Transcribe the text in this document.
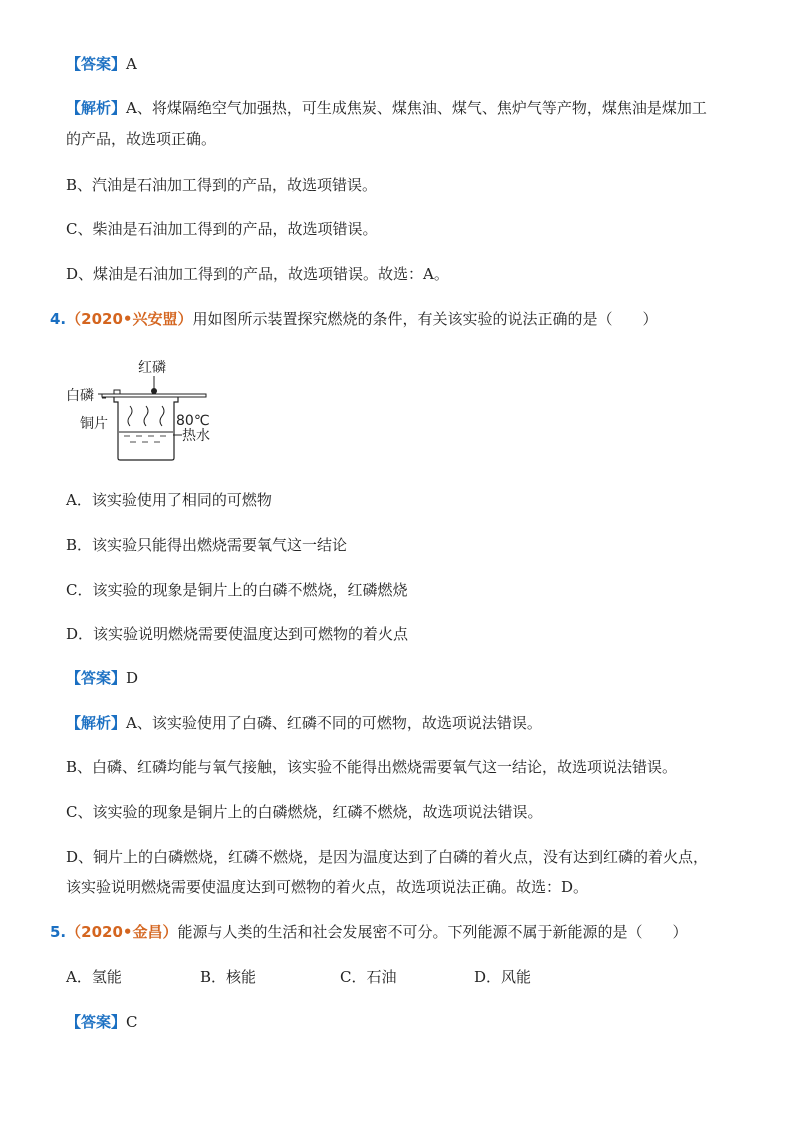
【答案】A
【解析】A、将煤隔绝空气加强热，可生成焦炭、煤焦油、煤气、焦炉气等产物，煤焦油是煤加工
的产品，故选项正确。
B、汽油是石油加工得到的产品，故选项错误。
C、柴油是石油加工得到的产品，故选项错误。
D、煤油是石油加工得到的产品，故选项错误。故选：A。
4.（2020•兴安盟）用如图所示装置探究燃烧的条件，有关该实验的说法正确的是（　　）
红磷
白磷
铜片	80℃
热水
A．该实验使用了相同的可燃物
B．该实验只能得出燃烧需要氧气这一结论
C．该实验的现象是铜片上的白磷不燃烧，红磷燃烧
D．该实验说明燃烧需要使温度达到可燃物的着火点
【答案】D
【解析】A、该实验使用了白磷、红磷不同的可燃物，故选项说法错误。
B、白磷、红磷均能与氧气接触，该实验不能得出燃烧需要氧气这一结论，故选项说法错误。
C、该实验的现象是铜片上的白磷燃烧，红磷不燃烧，故选项说法错误。
D、铜片上的白磷燃烧，红磷不燃烧，是因为温度达到了白磷的着火点，没有达到红磷的着火点，
该实验说明燃烧需要使温度达到可燃物的着火点，故选项说法正确。故选：D。
5.（2020•金昌）能源与人类的生活和社会发展密不可分。下列能源不属于新能源的是（　　）
A．氢能	B．核能	C．石油	D．风能
【答案】C
